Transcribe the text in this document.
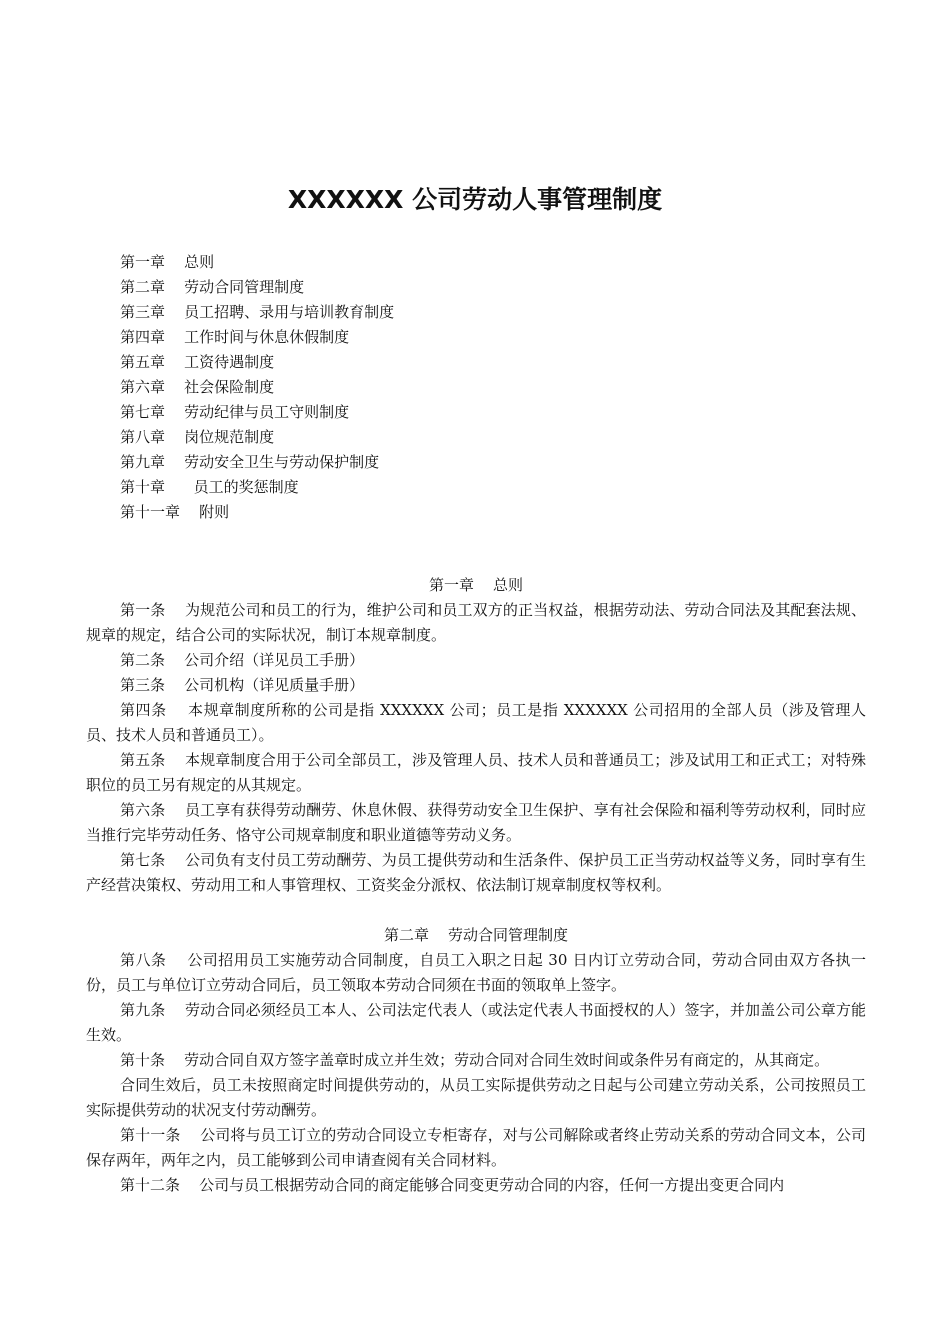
XXXXXX 公司劳动人事管理制度
第一章    总则
第二章    劳动合同管理制度
第三章    员工招聘、录用与培训教育制度
第四章    工作时间与休息休假制度
第五章    工资待遇制度
第六章    社会保险制度
第七章    劳动纪律与员工守则制度
第八章    岗位规范制度
第九章    劳动安全卫生与劳动保护制度
第十章      员工的奖惩制度
第十一章    附则
第一章    总则

第一条    为规范公司和员工的行为，维护公司和员工双方的正当权益，根据劳动法、劳动合同法及其配套法规、规章的规定，结合公司的实际状况，制订本规章制度。

第二条    公司介绍（详见员工手册）

第三条    公司机构（详见质量手册）

第四条    本规章制度所称的公司是指 XXXXXX 公司；员工是指 XXXXXX 公司招用的全部人员（涉及管理人员、技术人员和普通员工）。

第五条    本规章制度合用于公司全部员工，涉及管理人员、技术人员和普通员工；涉及试用工和正式工；对特殊职位的员工另有规定的从其规定。

第六条    员工享有获得劳动酬劳、休息休假、获得劳动安全卫生保护、享有社会保险和福利等劳动权利，同时应当推行完毕劳动任务、恪守公司规章制度和职业道德等劳动义务。

第七条    公司负有支付员工劳动酬劳、为员工提供劳动和生活条件、保护员工正当劳动权益等义务，同时享有生产经营决策权、劳动用工和人事管理权、工资奖金分派权、依法制订规章制度权等权利。

第二章    劳动合同管理制度

第八条    公司招用员工实施劳动合同制度，自员工入职之日起 30 日内订立劳动合同，劳动合同由双方各执一份，员工与单位订立劳动合同后，员工领取本劳动合同须在书面的领取单上签字。

第九条    劳动合同必须经员工本人、公司法定代表人（或法定代表人书面授权的人）签字，并加盖公司公章方能生效。

第十条    劳动合同自双方签字盖章时成立并生效；劳动合同对合同生效时间或条件另有商定的，从其商定。

合同生效后，员工未按照商定时间提供劳动的，从员工实际提供劳动之日起与公司建立劳动关系，公司按照员工实际提供劳动的状况支付劳动酬劳。

第十一条    公司将与员工订立的劳动合同设立专柜寄存，对与公司解除或者终止劳动关系的劳动合同文本，公司保存两年，两年之内，员工能够到公司申请查阅有关合同材料。

第十二条    公司与员工根据劳动合同的商定能够合同变更劳动合同的内容，任何一方提出变更合同内
